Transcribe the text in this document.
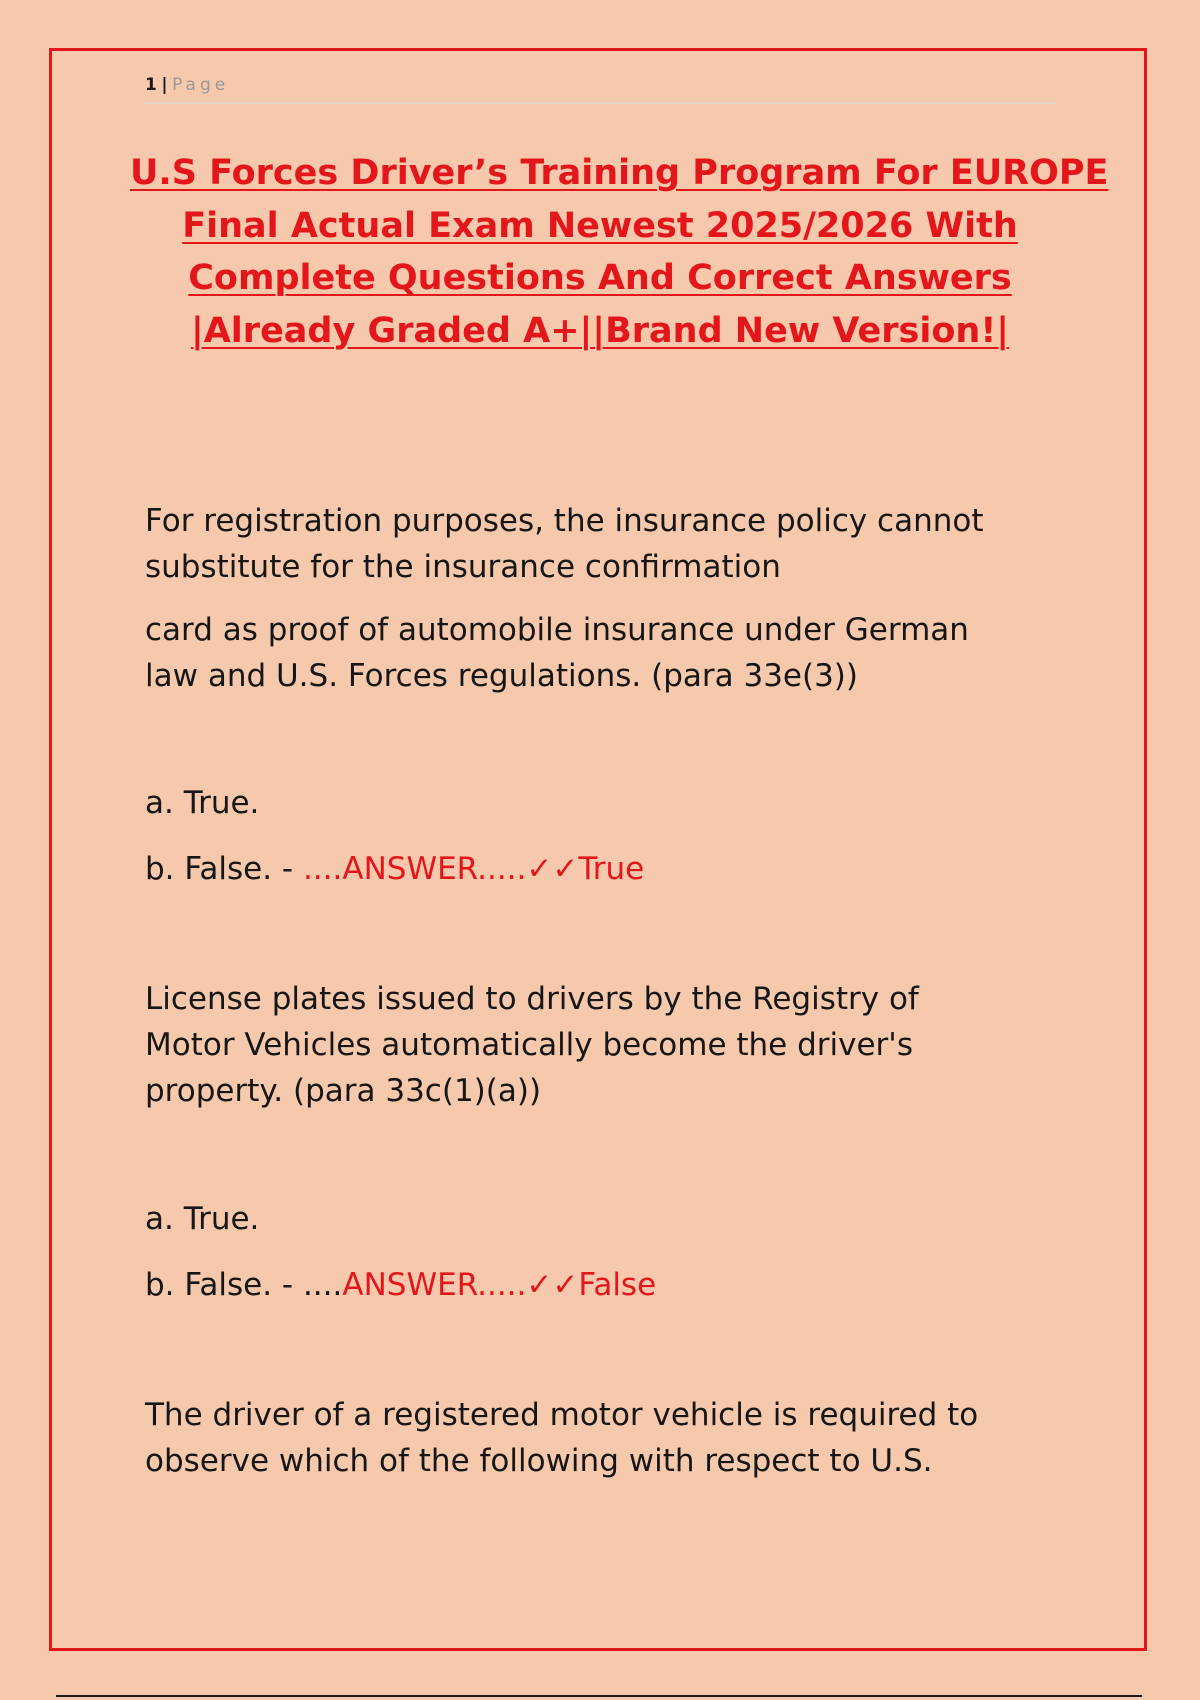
1 | Page
U.S Forces Driver’s Training Program For EUROPE
Final Actual Exam Newest 2025/2026 With
Complete Questions And Correct Answers
|Already Graded A+||Brand New Version!|
For registration purposes, the insurance policy cannot
substitute for the insurance confirmation
card as proof of automobile insurance under German
law and U.S. Forces regulations. (para 33e(3))
a. True.
b. False. - ....ANSWER.....✓✓True
License plates issued to drivers by the Registry of
Motor Vehicles automatically become the driver's
property. (para 33c(1)(a))
a. True.
b. False. - ....ANSWER.....✓✓False
The driver of a registered motor vehicle is required to
observe which of the following with respect to U.S.
